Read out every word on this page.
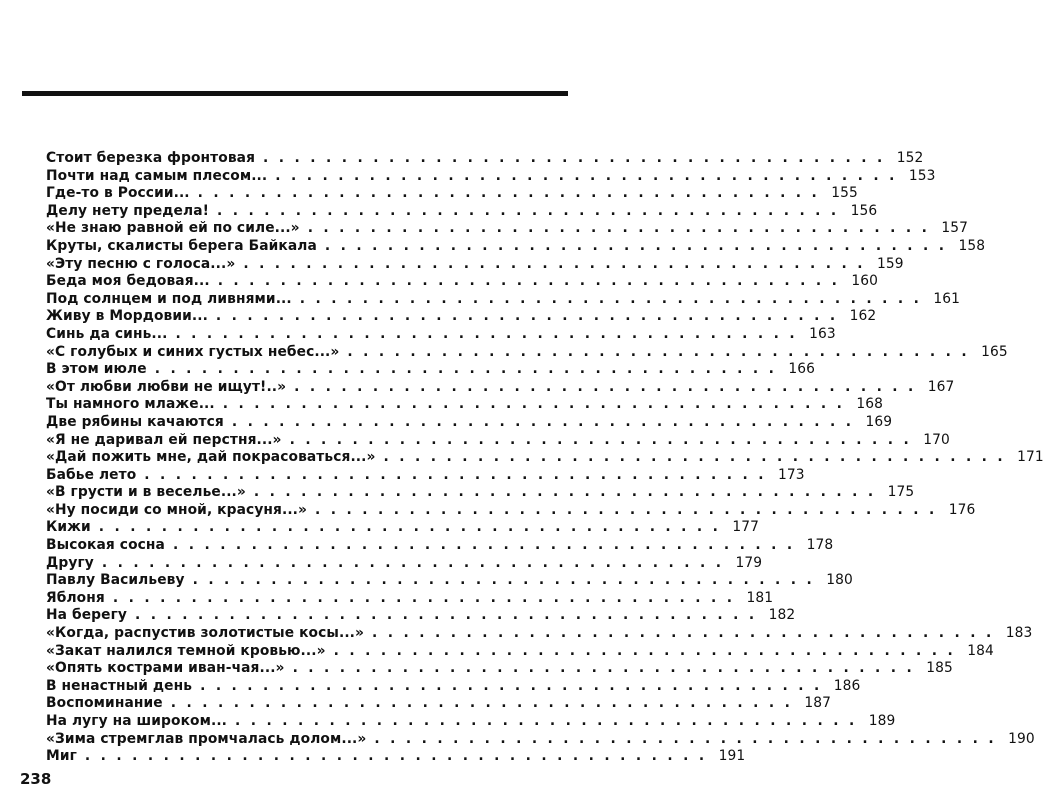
Стоит березка фронтовая ........................................ 152
Почти над самым плесом... ........................................ 153
Где-то в России... ........................................ 155
Делу нету предела! ........................................ 156
«Не знаю равной ей по силе...» ........................................ 157
Круты, скалисты берега Байкала ........................................ 158
«Эту песню с голоса...» ........................................ 159
Беда моя бедовая... ........................................ 160
Под солнцем и под ливнями... ........................................ 161
Живу в Мордовии... ........................................ 162
Синь да синь... ........................................ 163
«С голубых и синих густых небес...» ........................................ 165
В этом июле ........................................ 166
«От любви любви не ищут!..» ........................................ 167
Ты намного млаже... ........................................ 168
Две рябины качаются ........................................ 169
«Я не даривал ей перстня...» ........................................ 170
«Дай пожить мне, дай покрасоваться...» ........................................ 171
Бабье лето ........................................ 173
«В грусти и в веселье...» ........................................ 175
«Ну посиди со мной, красуня...» ........................................ 176
Кижи ........................................ 177
Высокая сосна ........................................ 178
Другу ........................................ 179
Павлу Васильеву ........................................ 180
Яблоня ........................................ 181
На берегу ........................................ 182
«Когда, распустив золотистые косы...» ........................................ 183
«Закат налился темной кровью...» ........................................ 184
«Опять кострами иван-чая...» ........................................ 185
В ненастный день ........................................ 186
Воспоминание ........................................ 187
На лугу на широком... ........................................ 189
«Зима стремглав промчалась долом...» ........................................ 190
Миг ........................................ 191
238
